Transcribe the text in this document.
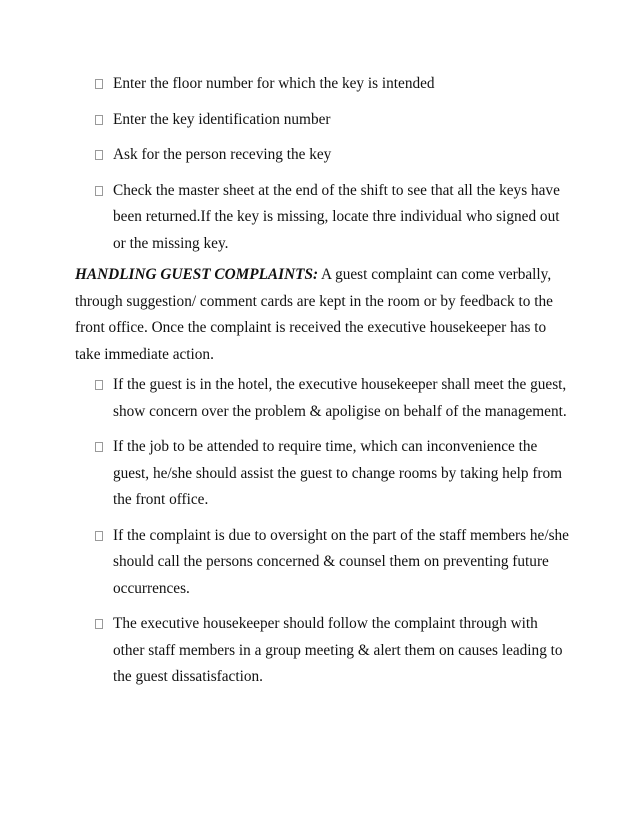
Enter the floor number for which the key is intended
Enter the key identification number
Ask for the person receving the key
Check the master sheet at the end of the shift to see that all the keys have been returned.If the key is missing, locate thre individual who signed out or the missing key.

HANDLING GUEST COMPLAINTS: A guest complaint can come verbally, through suggestion/ comment cards are kept in the room or by feedback to the front office. Once the complaint is received the executive housekeeper has to take immediate action.

If the guest is in the hotel, the executive housekeeper shall meet the guest, show concern over the problem & apoligise on behalf of the management.
If the job to be attended to require time, which can inconvenience the guest, he/she should assist the guest to change rooms by taking help from the front office.
If the complaint is due to oversight on the part of the staff members he/she should call the persons concerned & counsel them on preventing future occurrences.
The executive housekeeper should follow the complaint through with other staff members in a group meeting & alert them on causes leading to the guest dissatisfaction.
